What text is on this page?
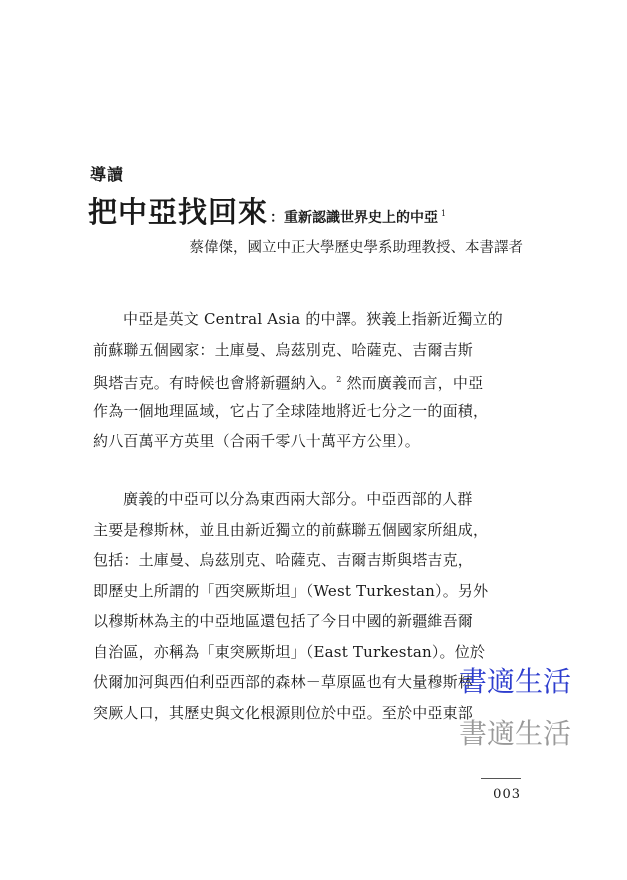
導讀
把中亞找回來 ：重新認識世界史上的中亞 $^1$
蔡偉傑，國立中正大學歷史學系助理教授、本書譯者
中亞是英文 Central Asia 的中譯。狹義上指新近獨立的
前蘇聯五個國家：土庫曼、烏茲別克、哈薩克、吉爾吉斯
與塔吉克。有時候也會將新疆納入。$^2$ 然而廣義而言，中亞
作為一個地理區域，它占了全球陸地將近七分之一的面積，
約八百萬平方英里（合兩千零八十萬平方公里）。
廣義的中亞可以分為東西兩大部分。中亞西部的人群
主要是穆斯林，並且由新近獨立的前蘇聯五個國家所組成，
包括：土庫曼、烏茲別克、哈薩克、吉爾吉斯與塔吉克，
即歷史上所謂的「西突厥斯坦」（West Turkestan）。另外
以穆斯林為主的中亞地區還包括了今日中國的新疆維吾爾
自治區，亦稱為「東突厥斯坦」（East Turkestan）。位於
伏爾加河與西伯利亞西部的森林－草原區也有大量穆斯林
突厥人口，其歷史與文化根源則位於中亞。至於中亞東部
書適生活
書適生活
003
